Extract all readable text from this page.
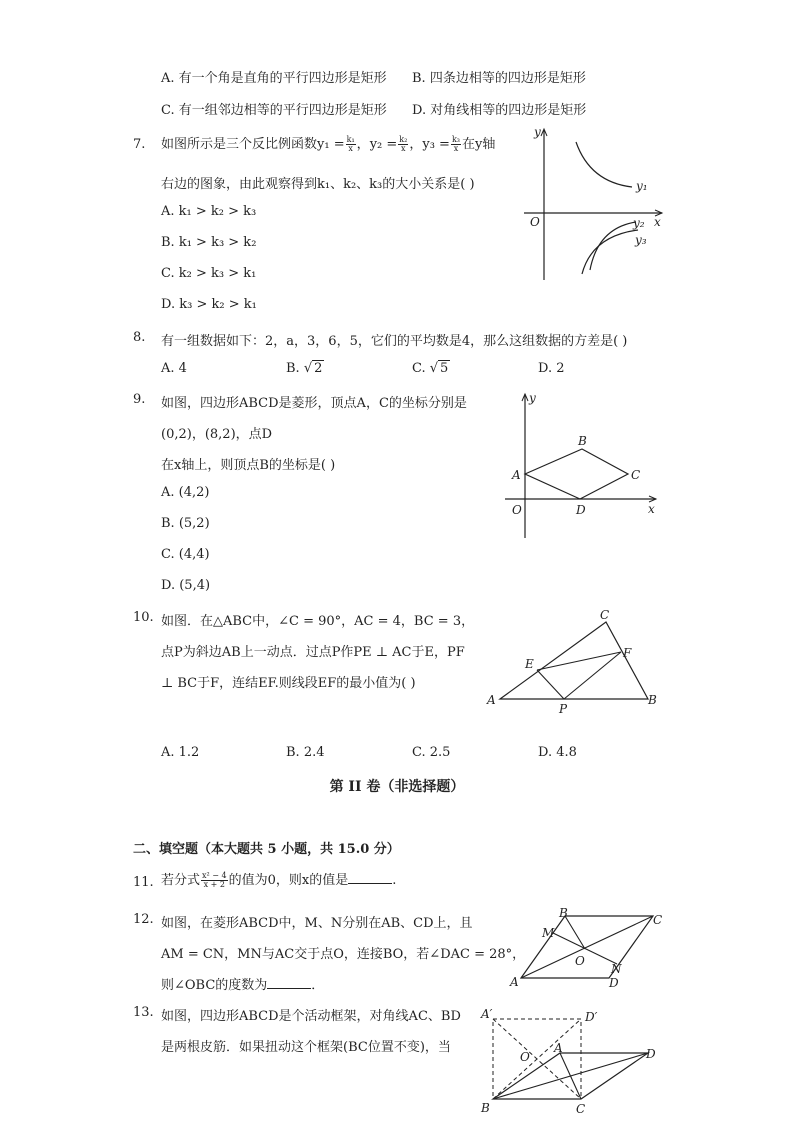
A. 有一个角是直角的平行四边形是矩形 B. 四条边相等的四边形是矩形
C. 有一组邻边相等的平行四边形是矩形 D. 对角线相等的四边形是矩形
7. 如图所示是三个反比例函数$y_1 = \frac{\text{k₁}}{x}$ ，$y_2 = \frac{\text{k₂}}{x}$ ，$y_3 = \frac{\text{k₃}}{x}$ 在y轴
右边的图象，由此观察得到k₁、k₂、k₃的大小关系是( )
A. k₁ > k₂ > k₃
B. k₁ > k₃ > k₂
C. k₂ > k₃ > k₁
D. k₃ > k₂ > k₁
y
x
O
y₁
y₂
y₃
8. 有一组数据如下：2，a，3，6，5，它们的平均数是4，那么这组数据的方差是( )
A. 4	B. √ 2	C. √ 5	D. 2
9. 如图，四边形ABCD是菱形，顶点A，C的坐标分别是
(0,2)，(8,2)，点D
在x轴上，则顶点B的坐标是( )
A. (4,2)
B. (5,2)
C. (4,4)
D. (5,4)
y
x
O
A
B
C
D
10. 如图．在△ABC中，∠C = 90°，AC = 4，BC = 3，
点P为斜边AB上一动点．过点P作PE ⊥ AC于E，PF
⊥ BC于F，连结EF.则线段EF的最小值为( )
A. 1.2	B. 2.4	C. 2.5	D. 4.8
A	B
C
E
F
P
第 II 卷（非选择题）
二、填空题（本大题共 5 小题，共 15.0 分）
11. 若分式 $\frac{\text{x² − 4}}{x + 2}$ 的值为0，则x的值是	.
12. 如图，在菱形ABCD中，M、N分别在AB、CD上，且
AM = CN，MN与AC交于点O，连接BO，若∠DAC = 28°，
则∠OBC的度数为	．	A
B	C
D
M
N
O
13. 如图，四边形ABCD是个活动框架，对角线AC、BD
是两根皮筋．如果扭动这个框架(BC位置不变)，当
A′	D′
A	D
B	C
O
